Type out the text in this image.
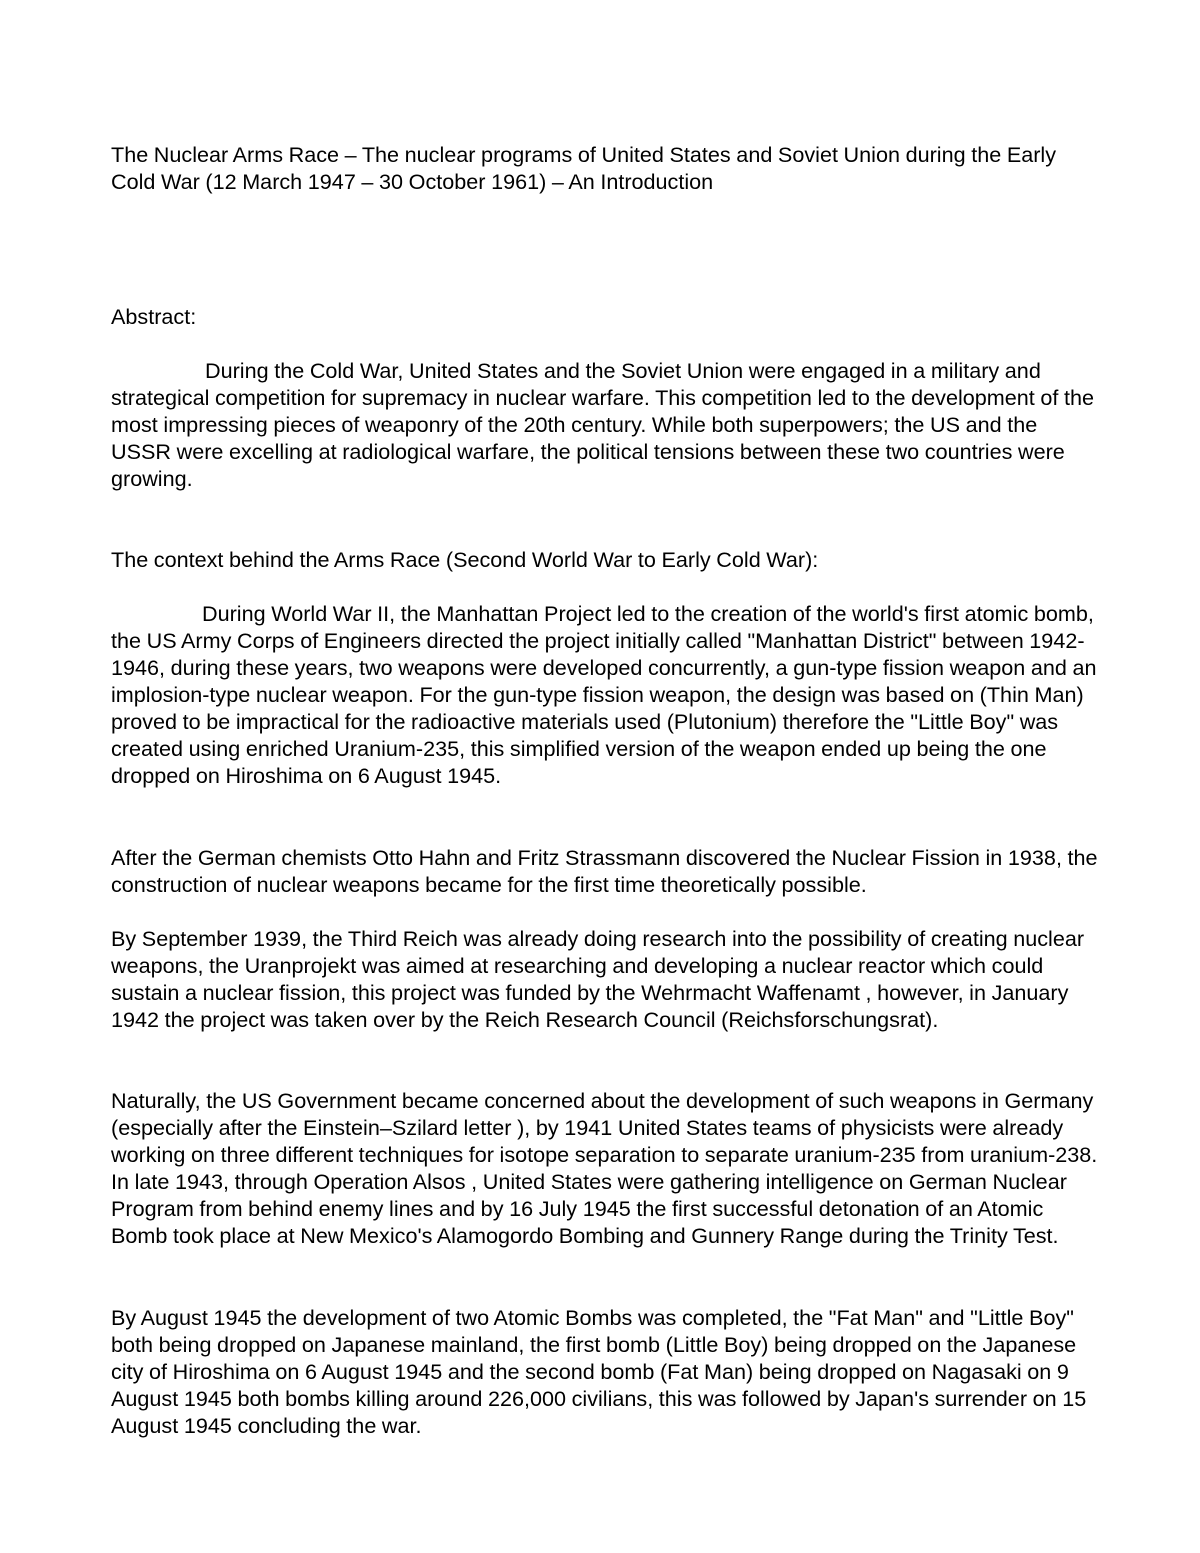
The Nuclear Arms Race – The nuclear programs of United States and Soviet Union during the Early Cold War (12 March 1947 – 30 October 1961) – An Introduction

Abstract:

During the Cold War, United States and the Soviet Union were engaged in a military and strategical competition for supremacy in nuclear warfare. This competition led to the development of the most impressing pieces of weaponry of the 20th century. While both superpowers; the US and the USSR were excelling at radiological warfare, the political tensions between these two countries were growing.

The context behind the Arms Race (Second World War to Early Cold War):

During World War II, the Manhattan Project led to the creation of the world's first atomic bomb, the US Army Corps of Engineers directed the project initially called "Manhattan District" between 1942-1946, during these years, two weapons were developed concurrently, a gun-type fission weapon and an implosion-type nuclear weapon. For the gun-type fission weapon, the design was based on (Thin Man) proved to be impractical for the radioactive materials used (Plutonium) therefore the "Little Boy" was created using enriched Uranium-235, this simplified version of the weapon ended up being the one dropped on Hiroshima on 6 August 1945.

After the German chemists Otto Hahn and Fritz Strassmann discovered the Nuclear Fission in 1938, the construction of nuclear weapons became for the first time theoretically possible.

By September 1939, the Third Reich was already doing research into the possibility of creating nuclear weapons, the Uranprojekt was aimed at researching and developing a nuclear reactor which could sustain a nuclear fission, this project was funded by the Wehrmacht Waffenamt , however, in January 1942 the project was taken over by the Reich Research Council (Reichsforschungsrat).

Naturally, the US Government became concerned about the development of such weapons in Germany (especially after the Einstein–Szilard letter ), by 1941 United States teams of physicists were already working on three different techniques for isotope separation to separate uranium-235 from uranium-238. In late 1943, through Operation Alsos , United States were gathering intelligence on German Nuclear Program from behind enemy lines and by 16 July 1945 the first successful detonation of an Atomic Bomb took place at New Mexico's Alamogordo Bombing and Gunnery Range during the Trinity Test.

By August 1945 the development of two Atomic Bombs was completed, the "Fat Man" and "Little Boy" both being dropped on Japanese mainland, the first bomb (Little Boy) being dropped on the Japanese city of Hiroshima on 6 August 1945 and the second bomb (Fat Man) being dropped on Nagasaki on 9 August 1945 both bombs killing around 226,000 civilians, this was followed by Japan's surrender on 15 August 1945 concluding the war.
